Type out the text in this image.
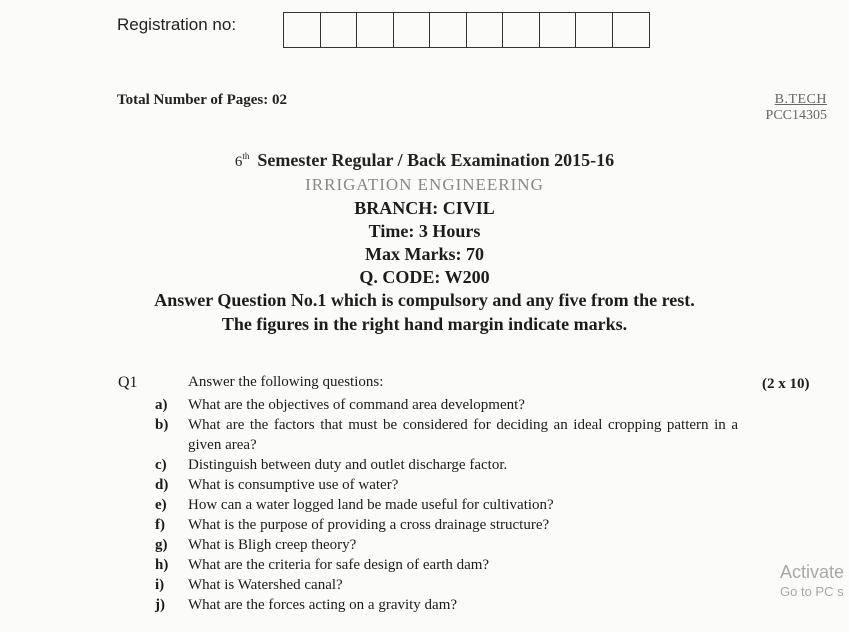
Registration no:
Total Number of Pages: 02	B.TECH
PCC14305
6th Semester Regular / Back Examination 2015-16
IRRIGATION ENGINEERING
BRANCH: CIVIL
Time: 3 Hours
Max Marks: 70
Q. CODE: W200
Answer Question No.1 which is compulsory and any five from the rest.
The figures in the right hand margin indicate marks.
Q1	Answer the following questions:	(2 x 10)
a)	What are the objectives of command area development?
b)	What are the factors that must be considered for deciding an ideal cropping pattern in a given area?
c)	Distinguish between duty and outlet discharge factor.
d)	What is consumptive use of water?
e)	How can a water logged land be made useful for cultivation?
f)	What is the purpose of providing a cross drainage structure?
g)	What is Bligh creep theory?
h)	What are the criteria for safe design of earth dam?
i)	What is Watershed canal?
j)	What are the forces acting on a gravity dam?
Activate
Go to PC s
